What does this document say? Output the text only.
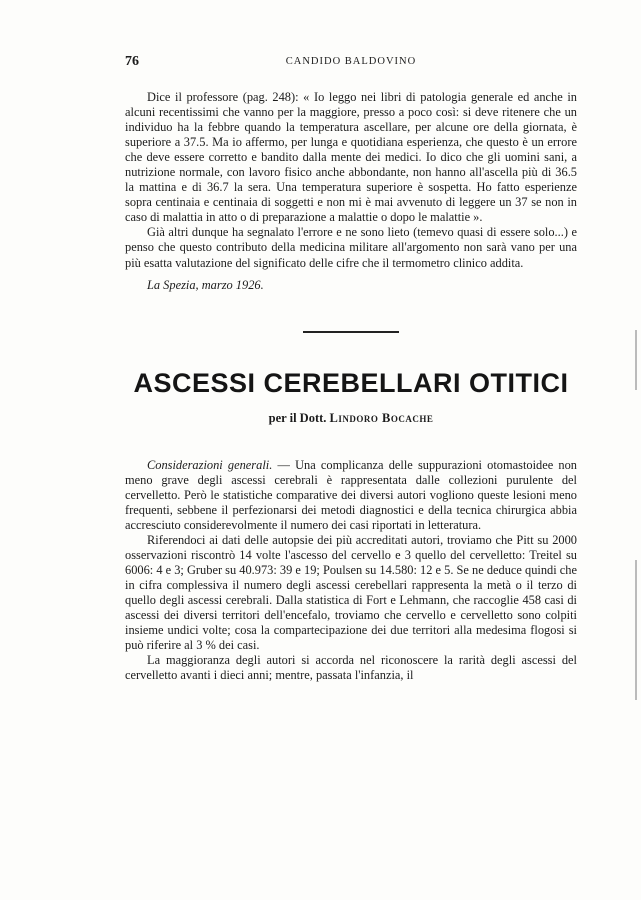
76	CANDIDO BALDOVINO

Dice il professore (pag. 248): « Io leggo nei libri di patologia generale ed anche in alcuni recentissimi che vanno per la maggiore, presso a poco così: si deve ritenere che un individuo ha la febbre quando la temperatura ascellare, per alcune ore della giornata, è superiore a 37.5. Ma io affermo, per lunga e quotidiana esperienza, che questo è un errore che deve essere corretto e bandito dalla mente dei medici. Io dico che gli uomini sani, a nutrizione normale, con lavoro fisico anche abbondante, non hanno all'ascella più di 36.5 la mattina e di 36.7 la sera. Una temperatura superiore è sospetta. Ho fatto esperienze sopra centinaia e centinaia di soggetti e non mi è mai avvenuto di leggere un 37 se non in caso di malattia in atto o di preparazione a malattie o dopo le malattie ».

Già altri dunque ha segnalato l'errore e ne sono lieto (temevo quasi di essere solo...) e penso che questo contributo della medicina militare all'argomento non sarà vano per una più esatta valutazione del significato delle cifre che il termometro clinico addita.

La Spezia, marzo 1926.
ASCESSI CEREBELLARI OTITICI
per il Dott. Lindoro Bocache

Considerazioni generali. — Una complicanza delle suppurazioni otomastoidee non meno grave degli ascessi cerebrali è rappresentata dalle collezioni purulente del cervelletto. Però le statistiche comparative dei diversi autori vogliono queste lesioni meno frequenti, sebbene il perfezionarsi dei metodi diagnostici e della tecnica chirurgica abbia accresciuto considerevolmente il numero dei casi riportati in letteratura.

Riferendoci ai dati delle autopsie dei più accreditati autori, troviamo che Pitt su 2000 osservazioni riscontrò 14 volte l'ascesso del cervello e 3 quello del cervelletto: Treitel su 6006: 4 e 3; Gruber su 40.973: 39 e 19; Poulsen su 14.580: 12 e 5. Se ne deduce quindi che in cifra complessiva il numero degli ascessi cerebellari rappresenta la metà o il terzo di quello degli ascessi cerebrali. Dalla statistica di Fort e Lehmann, che raccoglie 458 casi di ascessi dei diversi territori dell'encefalo, troviamo che cervello e cervelletto sono colpiti insieme undici volte; cosa la compartecipazione dei due territori alla medesima flogosi si può riferire al 3 % dei casi.

La maggioranza degli autori si accorda nel riconoscere la rarità degli ascessi del cervelletto avanti i dieci anni; mentre, passata l'infanzia, il
